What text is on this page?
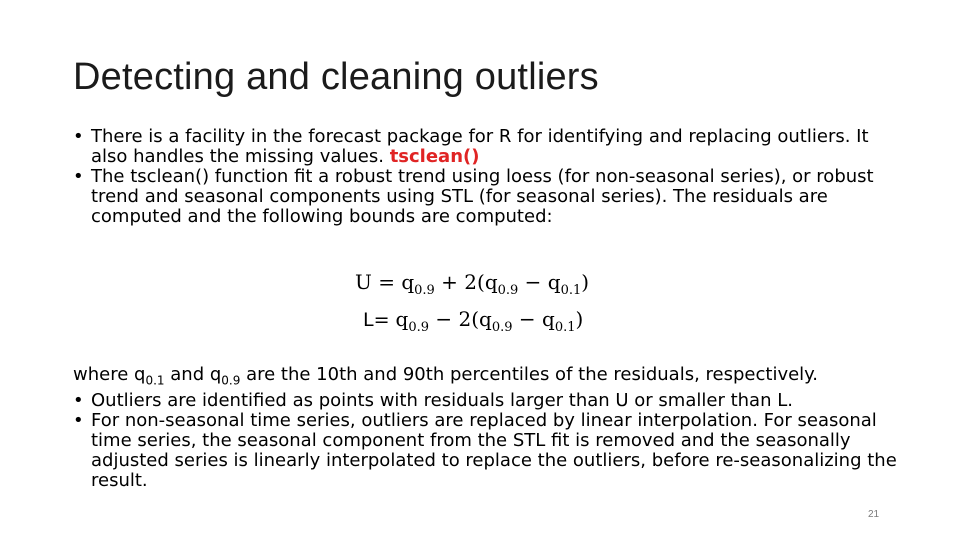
Detecting and cleaning outliers
• There is a facility in the forecast package for R for identifying and replacing outliers. It also handles the missing values. tsclean()
• The tsclean() function fit a robust trend using loess (for non-seasonal series), or robust trend and seasonal components using STL (for seasonal series). The residuals are computed and the following bounds are computed:
$U = q_{0.9} + 2(q_{0.9} - q_{0.1})$
$L= q_{0.9} - 2(q_{0.9} - q_{0.1})$
where $q_{0.1}$ and $q_{0.9}$ are the 10th and 90th percentiles of the residuals, respectively.
• Outliers are identified as points with residuals larger than U or smaller than L.
• For non-seasonal time series, outliers are replaced by linear interpolation. For seasonal time series, the seasonal component from the STL fit is removed and the seasonally adjusted series is linearly interpolated to replace the outliers, before re-seasonalizing the result.
21
